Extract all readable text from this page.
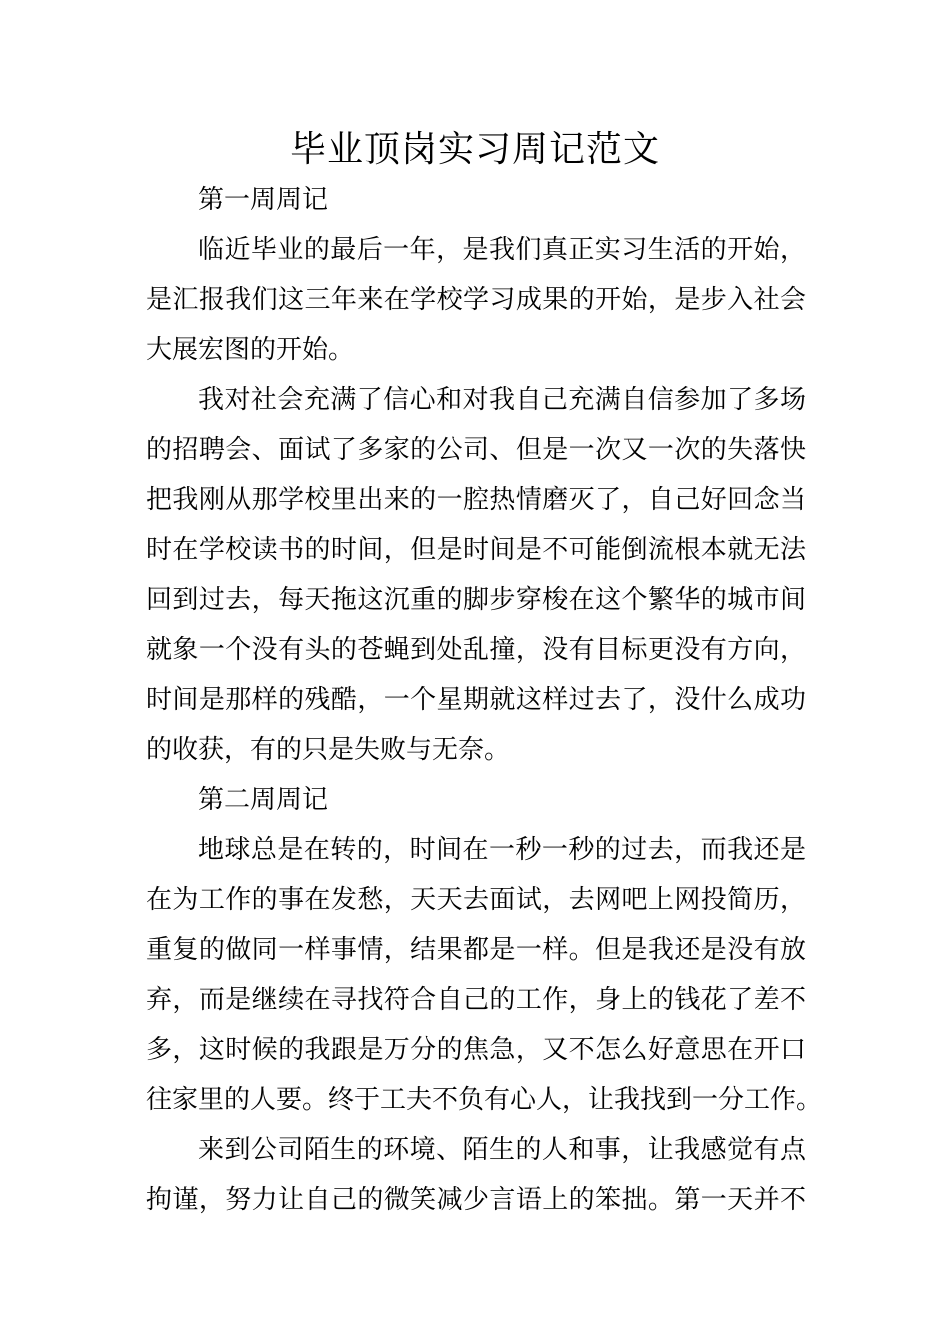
毕业顶岗实习周记范文
第一周周记
临近毕业的最后一年，是我们真正实习生活的开始，
是汇报我们这三年来在学校学习成果的开始，是步入社会
大展宏图的开始。
我对社会充满了信心和对我自己充满自信参加了多场
的招聘会、面试了多家的公司、但是一次又一次的失落快
把我刚从那学校里出来的一腔热情磨灭了，自己好回念当
时在学校读书的时间，但是时间是不可能倒流根本就无法
回到过去，每天拖这沉重的脚步穿梭在这个繁华的城市间
就象一个没有头的苍蝇到处乱撞，没有目标更没有方向，
时间是那样的残酷，一个星期就这样过去了，没什么成功
的收获，有的只是失败与无奈。
第二周周记
地球总是在转的，时间在一秒一秒的过去，而我还是
在为工作的事在发愁，天天去面试，去网吧上网投简历，
重复的做同一样事情，结果都是一样。但是我还是没有放
弃，而是继续在寻找符合自己的工作，身上的钱花了差不
多，这时候的我跟是万分的焦急，又不怎么好意思在开口
往家里的人要。终于工夫不负有心人，让我找到一分工作。
来到公司陌生的环境、陌生的人和事，让我感觉有点
拘谨，努力让自己的微笑减少言语上的笨拙。第一天并不
